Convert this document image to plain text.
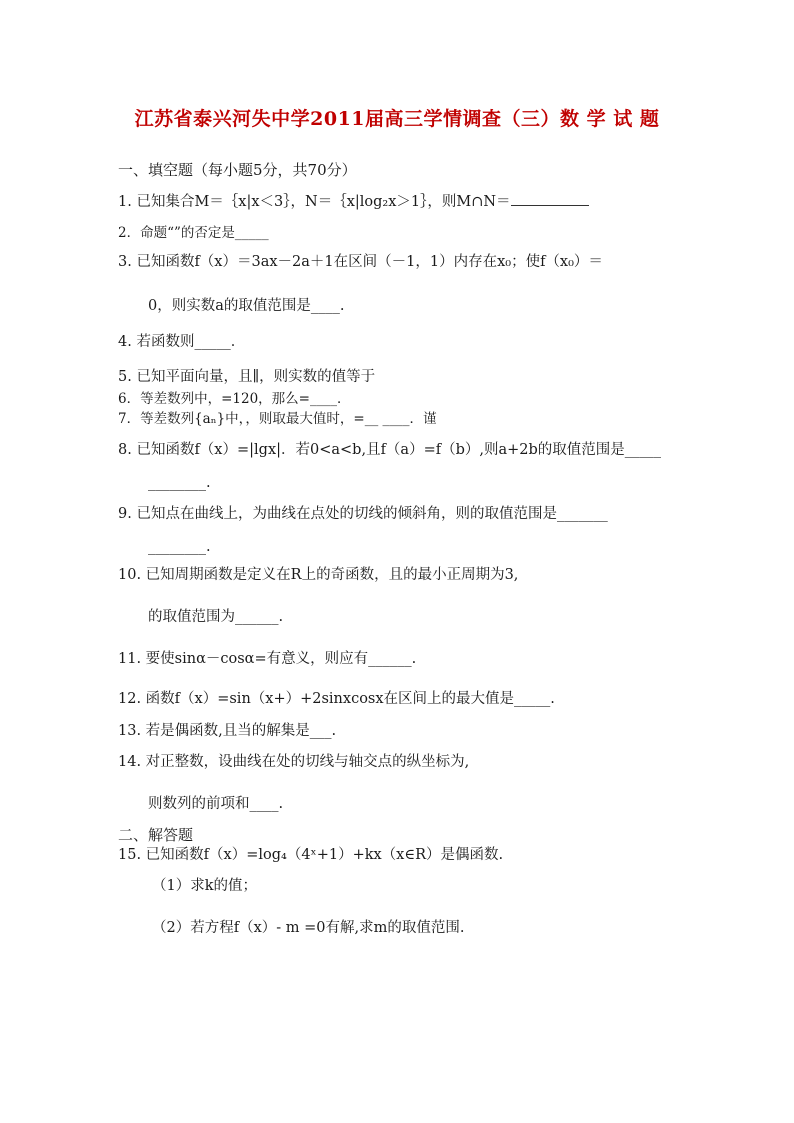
江苏省泰兴河失中学2011届高三学情调查（三）数 学 试 题
一、填空题（每小题5分，共70分）
1. 已知集合M＝｛x|x＜3｝，N＝｛x|log₂x＞1｝，则M∩N＝
2．命题“”的否定是_____
3. 已知函数f（x）＝3ax－2a＋1在区间（－1，1）内存在x₀；使f（x₀）＝
0，则实数a的取值范围是____.
4. 若函数则_____．
5. 已知平面向量，且∥，则实数的值等于
6．等差数列中，=120，那么=____．
7．等差数列{aₙ}中，，则取最大值时，=__ ____．谨
8. 已知函数f（x）=|lgx|．若0<a<b,且f（a）=f（b）,则a+2b的取值范围是_____
________.
9. 已知点在曲线上，为曲线在点处的切线的倾斜角，则的取值范围是_______
________.
10. 已知周期函数是定义在R上的奇函数，且的最小正周期为3,
的取值范围为______.
11. 要使sinα－cosα=有意义，则应有______.
12. 函数f（x）=sin（x+）+2sinxcosx在区间上的最大值是_____.
13. 若是偶函数,且当的解集是___.
14. 对正整数，设曲线在处的切线与轴交点的纵坐标为,
则数列的前项和____.
二、解答题
15. 已知函数f（x）=log₄（4ˣ+1）+kx（x∈R）是偶函数.
（1）求k的值；
（2）若方程f（x）- m =0有解,求m的取值范围.
